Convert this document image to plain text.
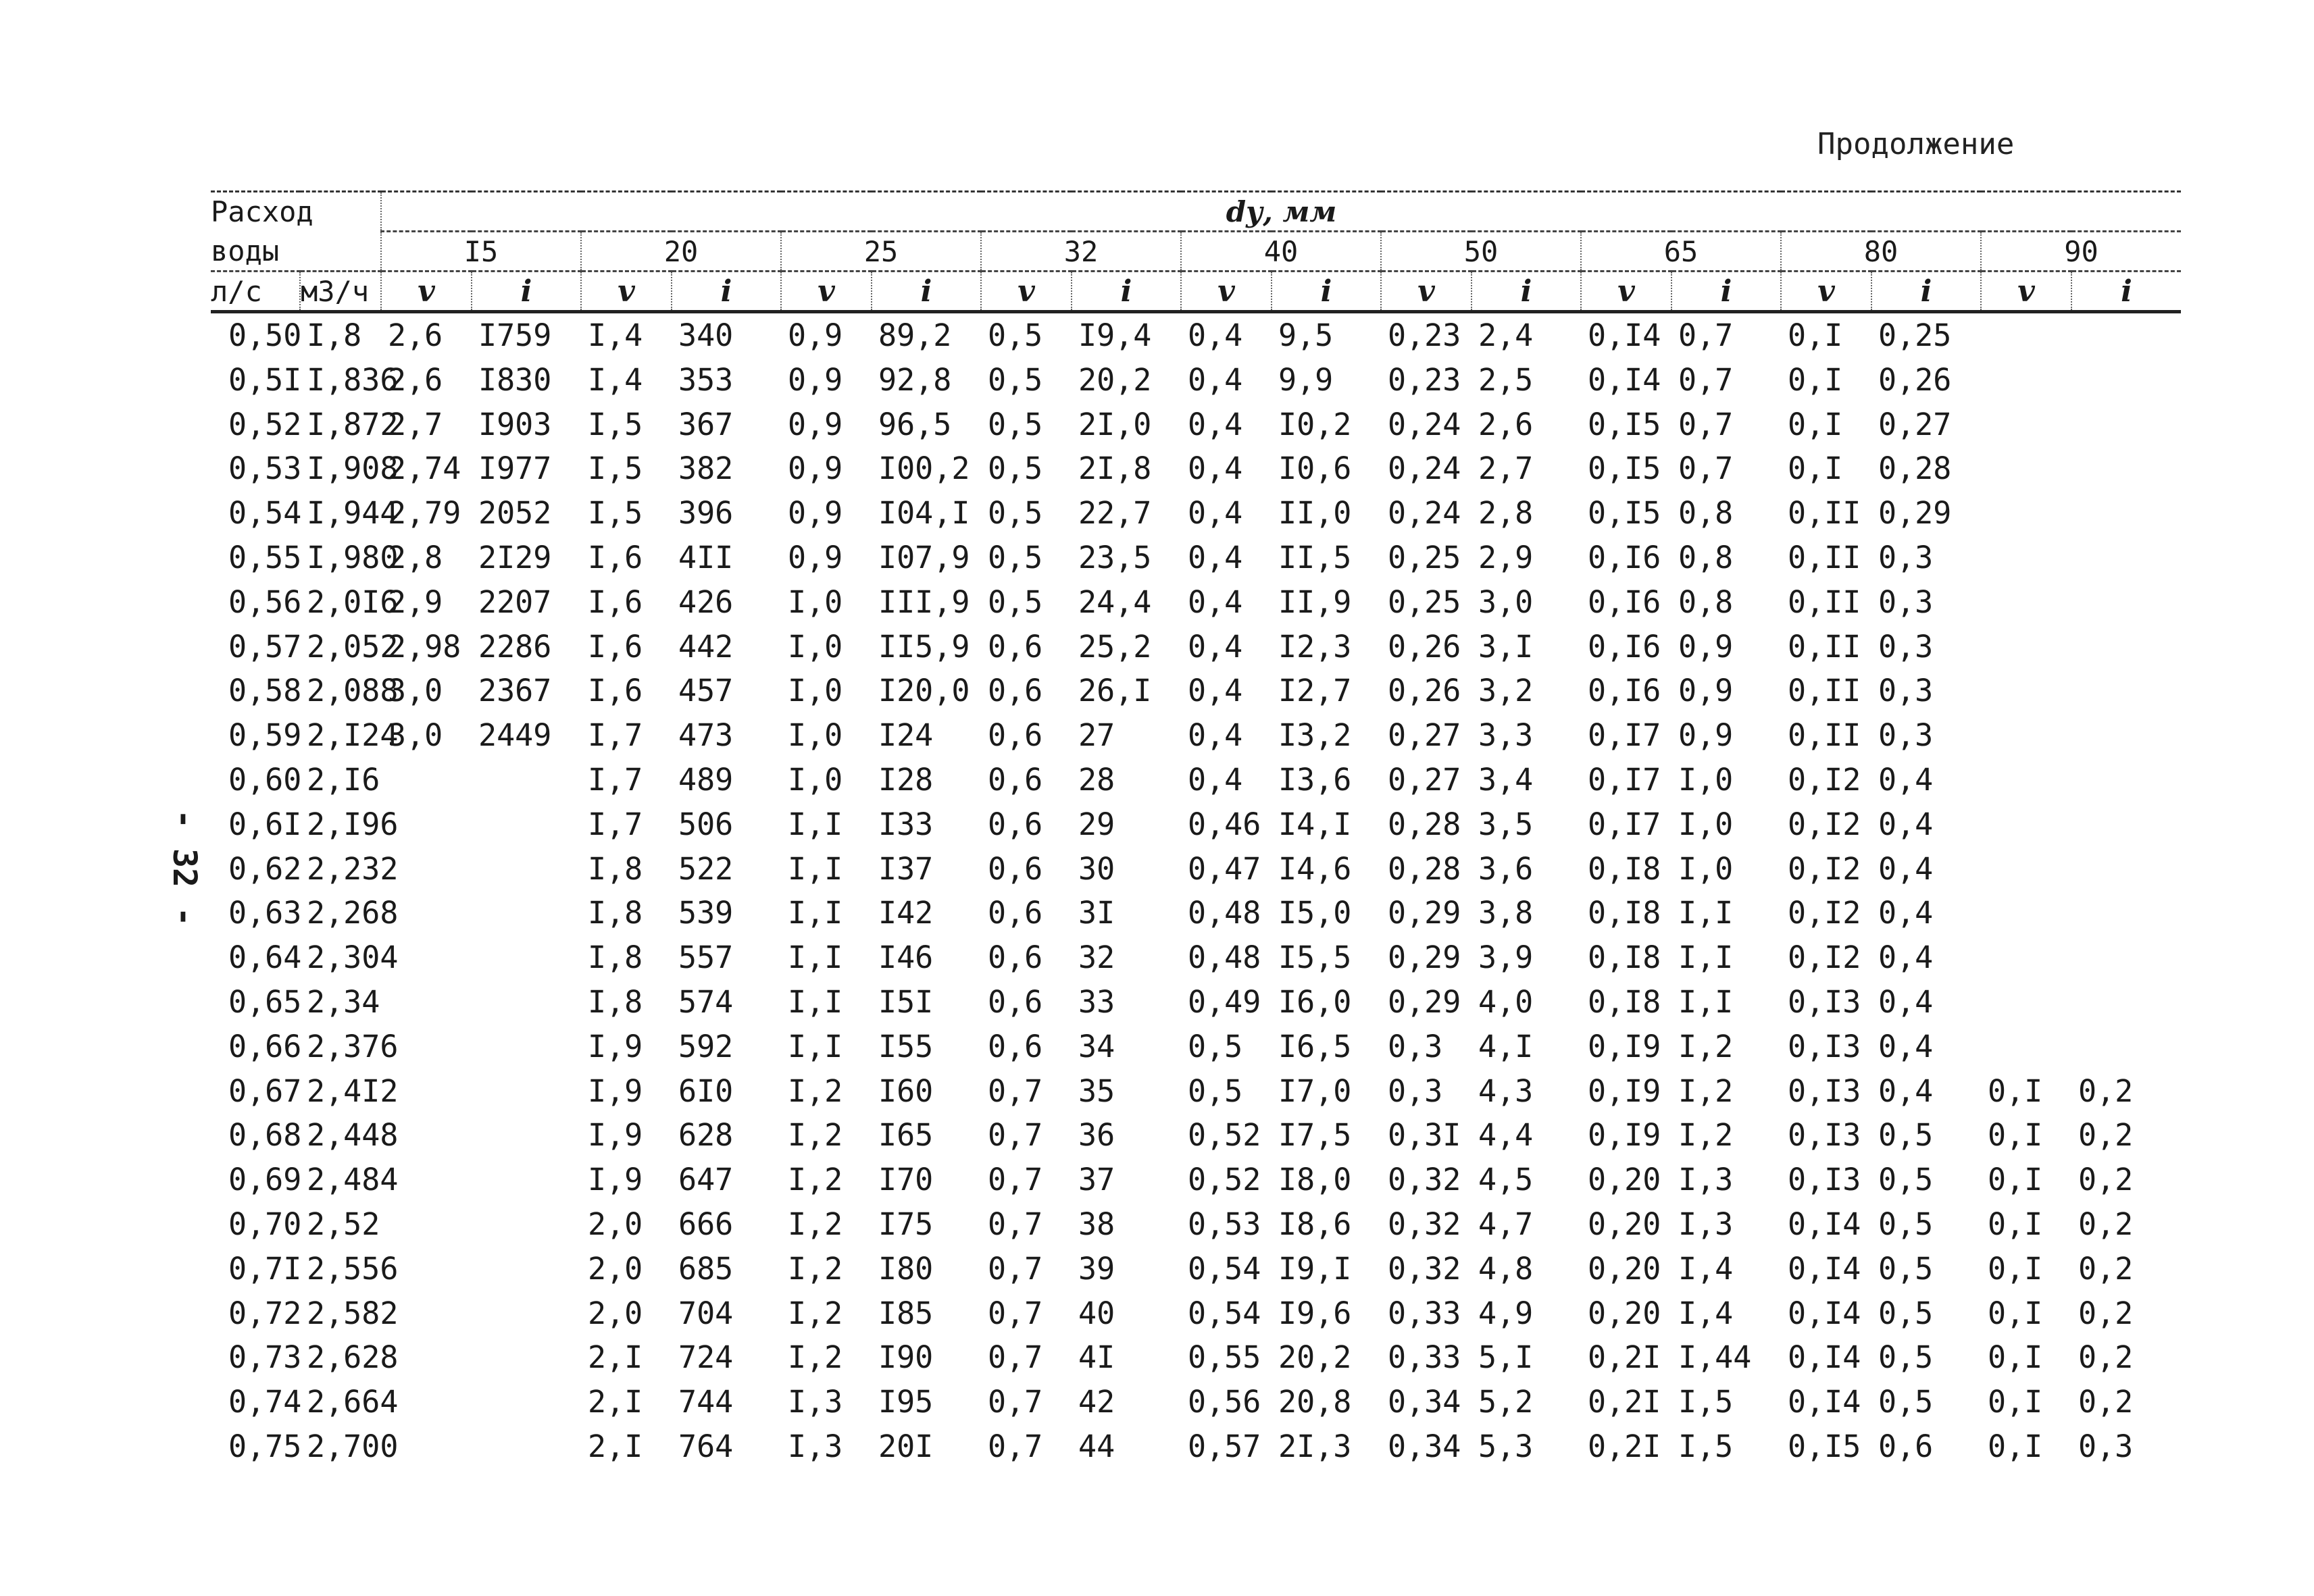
Продолжение
- 32 -
Расход		dу, мм																	
воды		I5		20		25		32		40		50		65		80		90	
л/с	м3/ч	v	i	v	i	v	i	v	i	v	i	v	i	v	i	v	i	v	i
0,50	I,8	2,6	I759	I,4	340	0,9	89,2	0,5	I9,4	0,4	9,5	0,23	2,4	0,I4	0,7	0,I	0,25		
0,5I	I,836	2,6	I830	I,4	353	0,9	92,8	0,5	20,2	0,4	9,9	0,23	2,5	0,I4	0,7	0,I	0,26		
0,52	I,872	2,7	I903	I,5	367	0,9	96,5	0,5	2I,0	0,4	I0,2	0,24	2,6	0,I5	0,7	0,I	0,27		
0,53	I,908	2,74	I977	I,5	382	0,9	I00,2	0,5	2I,8	0,4	I0,6	0,24	2,7	0,I5	0,7	0,I	0,28		
0,54	I,944	2,79	2052	I,5	396	0,9	I04,I	0,5	22,7	0,4	II,0	0,24	2,8	0,I5	0,8	0,II	0,29		
0,55	I,980	2,8	2I29	I,6	4II	0,9	I07,9	0,5	23,5	0,4	II,5	0,25	2,9	0,I6	0,8	0,II	0,3		
0,56	2,0I6	2,9	2207	I,6	426	I,0	III,9	0,5	24,4	0,4	II,9	0,25	3,0	0,I6	0,8	0,II	0,3		
0,57	2,052	2,98	2286	I,6	442	I,0	II5,9	0,6	25,2	0,4	I2,3	0,26	3,I	0,I6	0,9	0,II	0,3		
0,58	2,088	3,0	2367	I,6	457	I,0	I20,0	0,6	26,I	0,4	I2,7	0,26	3,2	0,I6	0,9	0,II	0,3		
0,59	2,I24	3,0	2449	I,7	473	I,0	I24	0,6	27	0,4	I3,2	0,27	3,3	0,I7	0,9	0,II	0,3		
0,60	2,I6			I,7	489	I,0	I28	0,6	28	0,4	I3,6	0,27	3,4	0,I7	I,0	0,I2	0,4		
0,6I	2,I96			I,7	506	I,I	I33	0,6	29	0,46	I4,I	0,28	3,5	0,I7	I,0	0,I2	0,4		
0,62	2,232			I,8	522	I,I	I37	0,6	30	0,47	I4,6	0,28	3,6	0,I8	I,0	0,I2	0,4		
0,63	2,268			I,8	539	I,I	I42	0,6	3I	0,48	I5,0	0,29	3,8	0,I8	I,I	0,I2	0,4		
0,64	2,304			I,8	557	I,I	I46	0,6	32	0,48	I5,5	0,29	3,9	0,I8	I,I	0,I2	0,4		
0,65	2,34			I,8	574	I,I	I5I	0,6	33	0,49	I6,0	0,29	4,0	0,I8	I,I	0,I3	0,4		
0,66	2,376			I,9	592	I,I	I55	0,6	34	0,5	I6,5	0,3	4,I	0,I9	I,2	0,I3	0,4		
0,67	2,4I2			I,9	6I0	I,2	I60	0,7	35	0,5	I7,0	0,3	4,3	0,I9	I,2	0,I3	0,4	0,I	0,2
0,68	2,448			I,9	628	I,2	I65	0,7	36	0,52	I7,5	0,3I	4,4	0,I9	I,2	0,I3	0,5	0,I	0,2
0,69	2,484			I,9	647	I,2	I70	0,7	37	0,52	I8,0	0,32	4,5	0,20	I,3	0,I3	0,5	0,I	0,2
0,70	2,52			2,0	666	I,2	I75	0,7	38	0,53	I8,6	0,32	4,7	0,20	I,3	0,I4	0,5	0,I	0,2
0,7I	2,556			2,0	685	I,2	I80	0,7	39	0,54	I9,I	0,32	4,8	0,20	I,4	0,I4	0,5	0,I	0,2
0,72	2,582			2,0	704	I,2	I85	0,7	40	0,54	I9,6	0,33	4,9	0,20	I,4	0,I4	0,5	0,I	0,2
0,73	2,628			2,I	724	I,2	I90	0,7	4I	0,55	20,2	0,33	5,I	0,2I	I,44	0,I4	0,5	0,I	0,2
0,74	2,664			2,I	744	I,3	I95	0,7	42	0,56	20,8	0,34	5,2	0,2I	I,5	0,I4	0,5	0,I	0,2
0,75	2,700			2,I	764	I,3	20I	0,7	44	0,57	2I,3	0,34	5,3	0,2I	I,5	0,I5	0,6	0,I	0,3
